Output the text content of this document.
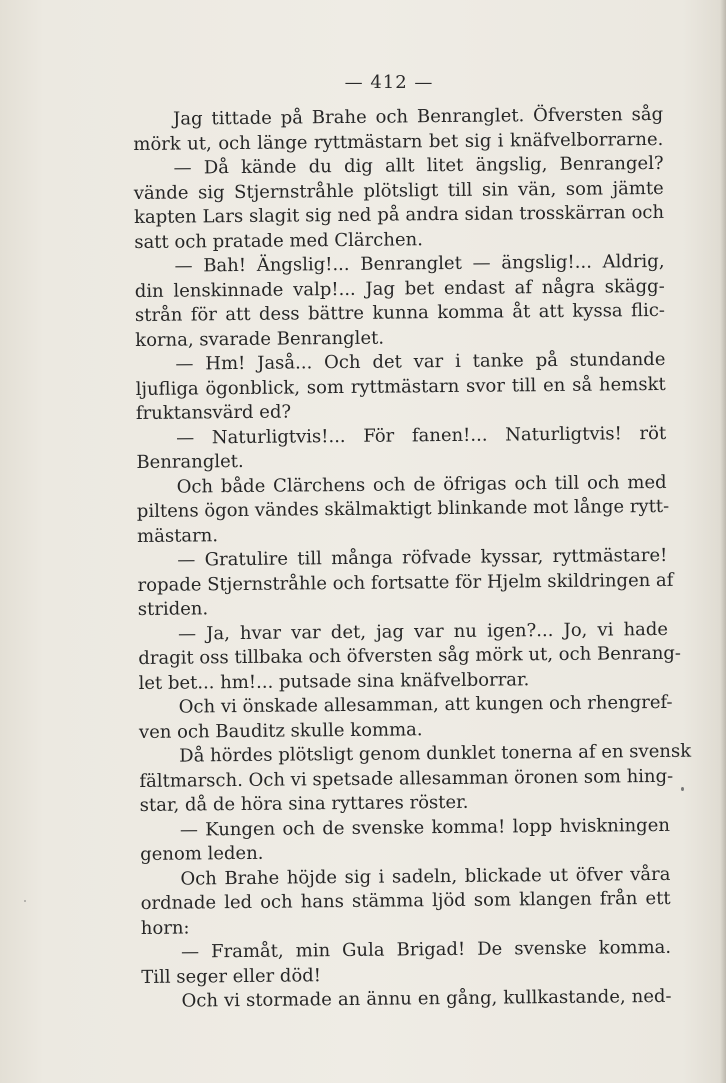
— 412 —
Jag tittade på Brahe och Benranglet. Öfversten såg
mörk ut, och länge ryttmästarn bet sig i knäfvelborrarne.
— Då kände du dig allt litet ängslig, Benrangel?
vände sig Stjernstråhle plötsligt till sin vän, som jämte
kapten Lars slagit sig ned på andra sidan trosskärran och
satt och pratade med Clärchen.
— Bah! Ängslig!... Benranglet — ängslig!... Aldrig,
din lenskinnade valp!... Jag bet endast af några skägg-
strån för att dess bättre kunna komma åt att kyssa flic-
korna, svarade Benranglet.
— Hm! Jaså... Och det var i tanke på stundande
ljufliga ögonblick, som ryttmästarn svor till en så hemskt
fruktansvärd ed?
— Naturligtvis!... För fanen!... Naturligtvis! röt
Benranglet.
Och både Clärchens och de öfrigas och till och med
piltens ögon vändes skälmaktigt blinkande mot långe rytt-
mästarn.
— Gratulire till många röfvade kyssar, ryttmästare!
ropade Stjernstråhle och fortsatte för Hjelm skildringen af
striden.
— Ja, hvar var det, jag var nu igen?... Jo, vi hade
dragit oss tillbaka och öfversten såg mörk ut, och Benrang-
let bet... hm!... putsade sina knäfvelborrar.
Och vi önskade allesamman, att kungen och rhengref-
ven och Bauditz skulle komma.
Då hördes plötsligt genom dunklet tonerna af en svensk
fältmarsch. Och vi spetsade allesamman öronen som hing-
star, då de höra sina ryttares röster.
— Kungen och de svenske komma! lopp hviskningen
genom leden.
Och Brahe höjde sig i sadeln, blickade ut öfver våra
ordnade led och hans stämma ljöd som klangen från ett
horn:
— Framåt, min Gula Brigad! De svenske komma.
Till seger eller död!
Och vi stormade an ännu en gång, kullkastande, ned-
